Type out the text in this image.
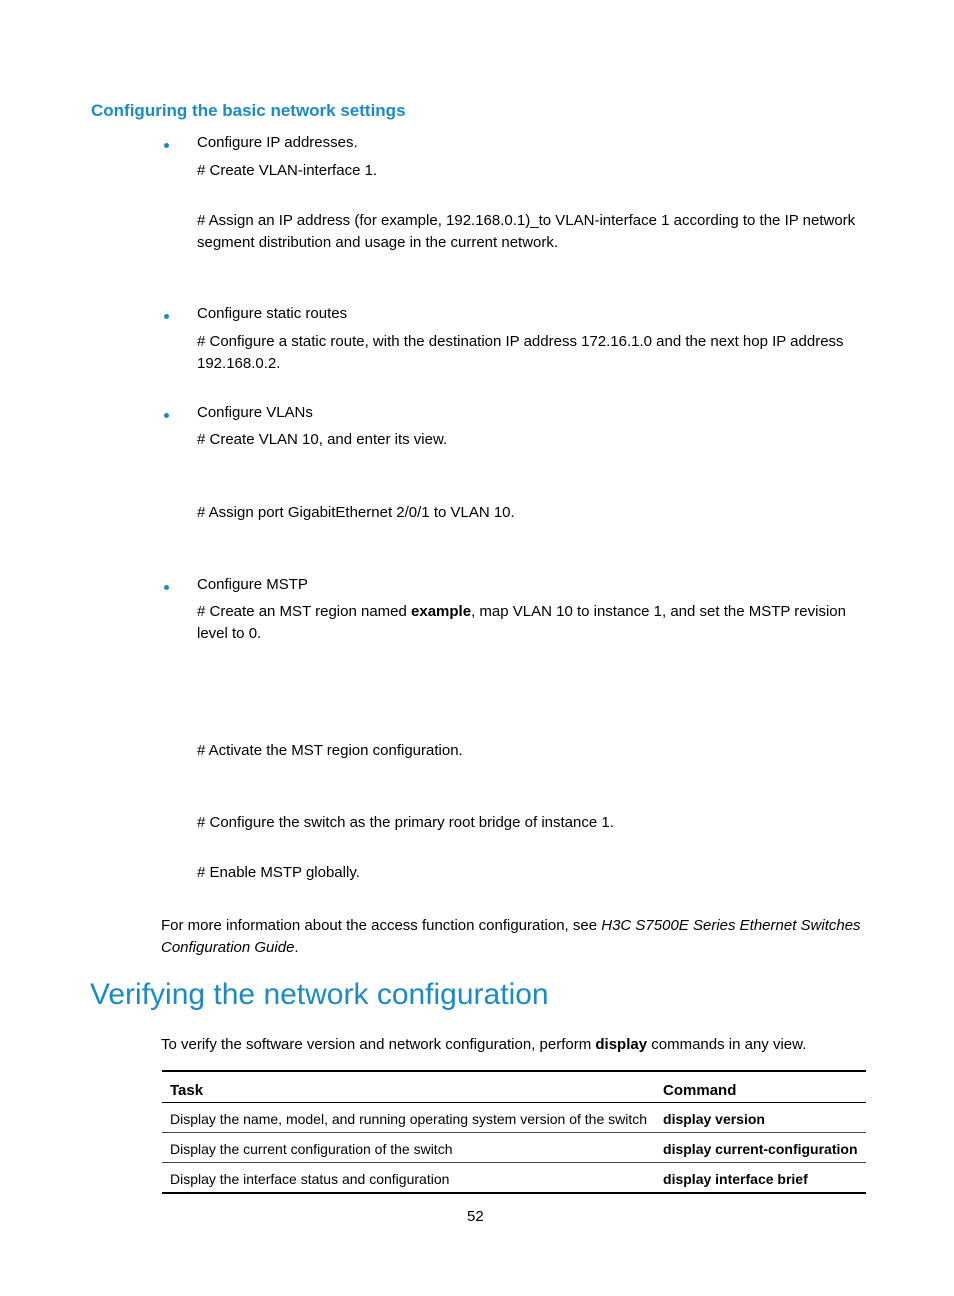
Configuring the basic network settings
Configure IP addresses.
# Create VLAN-interface 1.
# Assign an IP address (for example, 192.168.0.1)_to VLAN-interface 1 according to the IP network segment distribution and usage in the current network.
Configure static routes
# Configure a static route, with the destination IP address 172.16.1.0 and the next hop IP address 192.168.0.2.
Configure VLANs
# Create VLAN 10, and enter its view.
# Assign port GigabitEthernet 2/0/1 to VLAN 10.
Configure MSTP
# Create an MST region named example, map VLAN 10 to instance 1, and set the MSTP revision level to 0.
# Activate the MST region configuration.
# Configure the switch as the primary root bridge of instance 1.
# Enable MSTP globally.
For more information about the access function configuration, see H3C S7500E Series Ethernet Switches Configuration Guide.
Verifying the network configuration
To verify the software version and network configuration, perform display commands in any view.
Task	Command
Display the name, model, and running operating system version of the switch	display version
Display the current configuration of the switch	display current-configuration
Display the interface status and configuration	display interface brief
52
